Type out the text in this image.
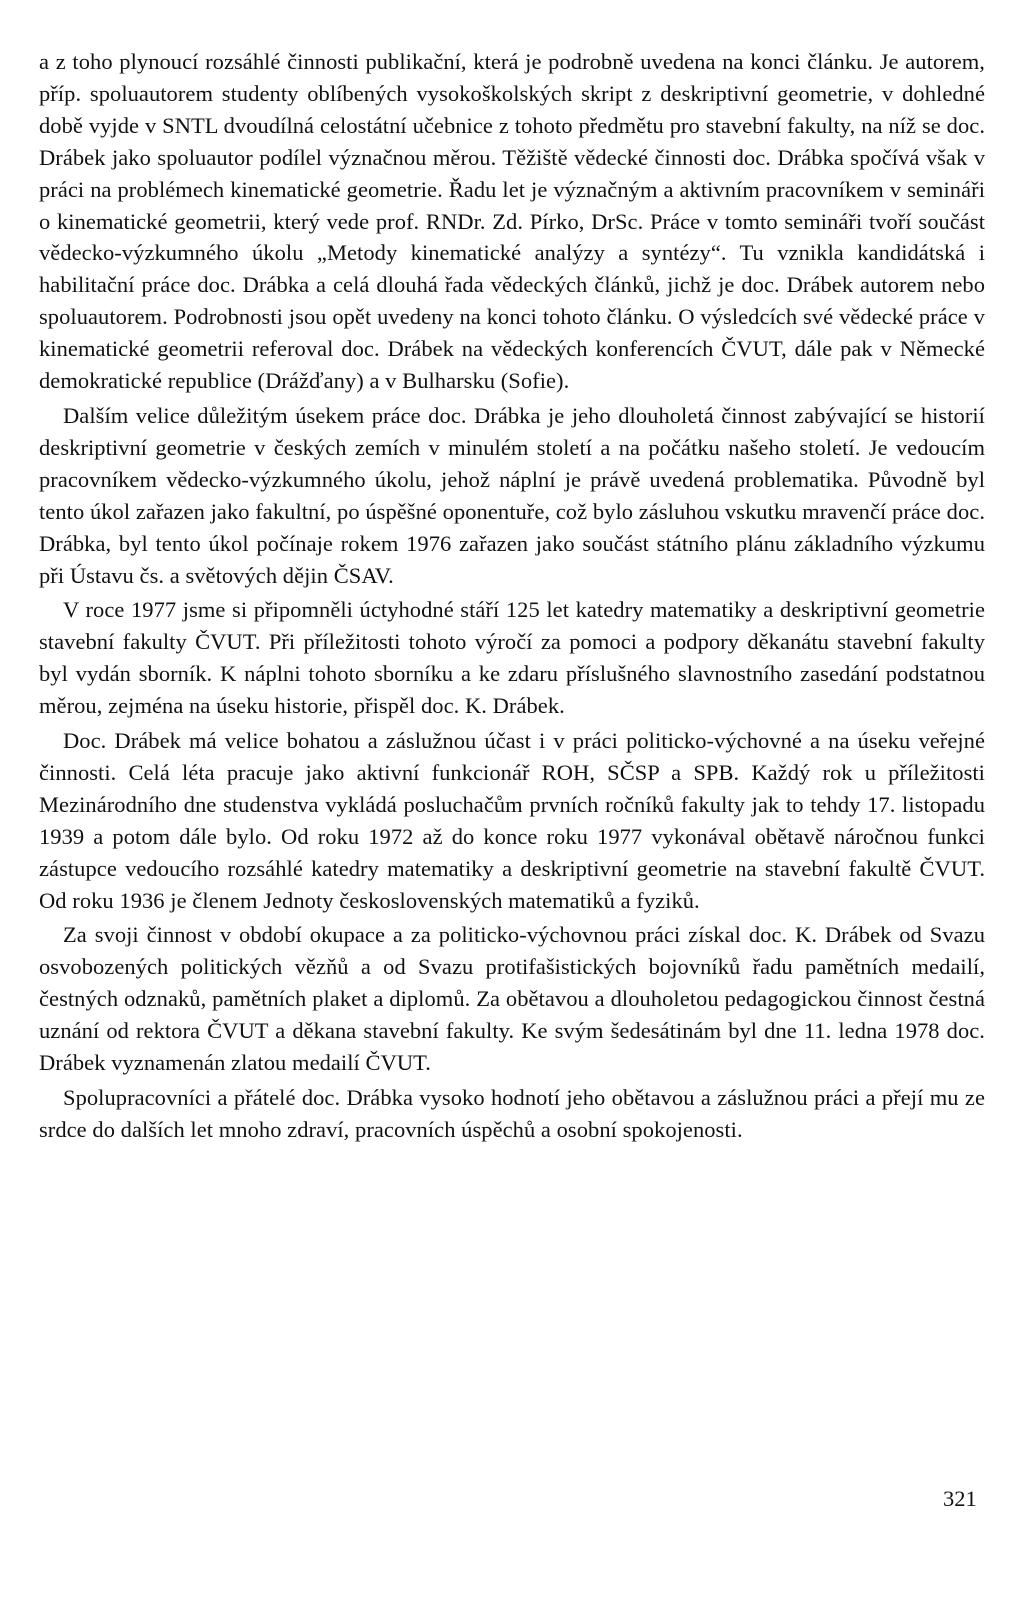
a z toho plynoucí rozsáhlé činnosti publikační, která je podrobně uvedena na konci článku. Je autorem, příp. spoluautorem studenty oblíbených vysokoškolských skript z deskriptivní geometrie, v dohledné době vyjde v SNTL dvoudílná celostátní učebnice z tohoto předmětu pro stavební fakulty, na níž se doc. Drábek jako spoluautor podílel význačnou měrou. Těžiště vědecké činnosti doc. Drábka spočívá však v práci na problémech kinematické geometrie. Řadu let je význačným a aktivním pracovníkem v semináři o kinematické geometrii, který vede prof. RNDr. Zd. Pírko, DrSc. Práce v tomto semináři tvoří součást vědecko-výzkumného úkolu „Metody kinematické analýzy a syntézy“. Tu vznikla kandidátská i habilitační práce doc. Drábka a celá dlouhá řada vědeckých článků, jichž je doc. Drábek autorem nebo spoluautorem. Podrobnosti jsou opět uvedeny na konci tohoto článku. O výsledcích své vědecké práce v kinematické geometrii referoval doc. Drábek na vědeckých konferencích ČVUT, dále pak v Německé demokratické republice (Drážďany) a v Bulharsku (Sofie).

Dalším velice důležitým úsekem práce doc. Drábka je jeho dlouholetá činnost zabývající se historií deskriptivní geometrie v českých zemích v minulém století a na počátku našeho století. Je vedoucím pracovníkem vědecko-výzkumného úkolu, jehož náplní je právě uvedená problematika. Původně byl tento úkol zařazen jako fakultní, po úspěšné oponentuře, což bylo zásluhou vskutku mravenčí práce doc. Drábka, byl tento úkol počínaje rokem 1976 zařazen jako součást státního plánu základního výzkumu při Ústavu čs. a světových dějin ČSAV.

V roce 1977 jsme si připomněli úctyhodné stáří 125 let katedry matematiky a deskriptivní geometrie stavební fakulty ČVUT. Při příležitosti tohoto výročí za pomoci a podpory děkanátu stavební fakulty byl vydán sborník. K náplni tohoto sborníku a ke zdaru příslušného slavnostního zasedání podstatnou měrou, zejména na úseku historie, přispěl doc. K. Drábek.

Doc. Drábek má velice bohatou a záslužnou účast i v práci politicko-výchovné a na úseku veřejné činnosti. Celá léta pracuje jako aktivní funkcionář ROH, SČSP a SPB. Každý rok u příležitosti Mezinárodního dne studenstva vykládá posluchačům prvních ročníků fakulty jak to tehdy 17. listopadu 1939 a potom dále bylo. Od roku 1972 až do konce roku 1977 vykonával obětavě náročnou funkci zástupce vedoucího rozsáhlé katedry matematiky a deskriptivní geometrie na stavební fakultě ČVUT. Od roku 1936 je členem Jednoty československých matematiků a fyziků.

Za svoji činnost v období okupace a za politicko-výchovnou práci získal doc. K. Drábek od Svazu osvobozených politických vězňů a od Svazu protifašistických bojovníků řadu pamětních medailí, čestných odznaků, pamětních plaket a diplomů. Za obětavou a dlouholetou pedagogickou činnost čestná uznání od rektora ČVUT a děkana stavební fakulty. Ke svým šedesátinám byl dne 11. ledna 1978 doc. Drábek vyznamenán zlatou medailí ČVUT.

Spolupracovníci a přátelé doc. Drábka vysoko hodnotí jeho obětavou a záslužnou práci a přejí mu ze srdce do dalších let mnoho zdraví, pracovních úspěchů a osobní spokojenosti.

321
